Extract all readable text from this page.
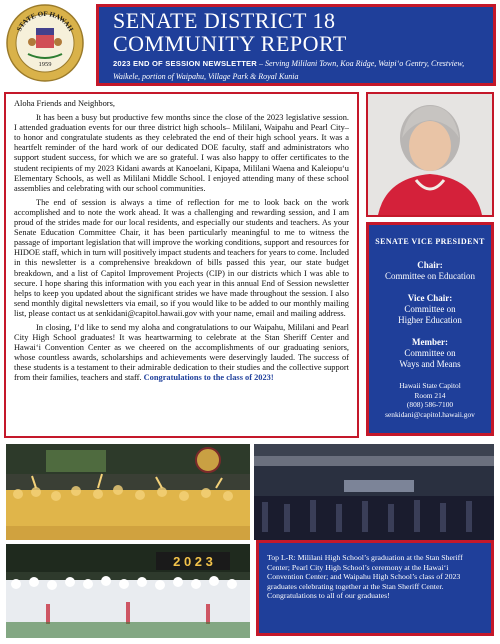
STATE OF HAWAII
1959
SENATE DISTRICT 18
COMMUNITY REPORT
2023 END OF SESSION NEWSLETTER – Serving Mililani Town, Koa Ridge, Waipi‘o Gentry, Crestview, Waikele, portion of Waipahu, Village Park & Royal Kunia

Aloha Friends and Neighbors,

It has been a busy but productive few months since the close of the 2023 legislative session. I attended graduation events for our three district high schools– Mililani, Waipahu and Pearl City–to honor and congratulate students as they celebrated the end of their high school years. It was a heartfelt reminder of the hard work of our dedicated DOE faculty, staff and administrators who support student success, for which we are so grateful. I was also happy to offer certificates to the student recipients of my 2023 Kidani awards at Kanoelani, Kipapa, Mililani Waena and Kaleiopu‘u Elementary Schools, as well as Mililani Middle School. I enjoyed attending many of these school assemblies and celebrating with our school communities.

The end of session is always a time of reflection for me to look back on the work accomplished and to note the work ahead. It was a challenging and rewarding session, and I am proud of the strides made for our local residents, and especially our students and teachers. As your Senate Education Committee Chair, it has been particularly meaningful to me to witness the passage of important legislation that will improve the working conditions, support and resources for HIDOE staff, which in turn will positively impact students and teachers for years to come. Included in this newsletter is a comprehensive breakdown of bills passed this year, our state budget breakdown, and a list of Capitol Improvement Projects (CIP) in our districts which I was able to secure. I hope sharing this information with you each year in this annual End of Session newsletter helps to keep you updated about the significant strides we have made throughout the session. I also send monthly digital newsletters via email, so if you would like to be added to our monthly mailing list, please contact us at senkidani@capitol.hawaii.gov with your name, email and mailing address.

In closing, I’d like to send my aloha and congratulations to our Waipahu, Mililani and Pearl City High School graduates! It was heartwarming to celebrate at the Stan Sheriff Center and Hawai‘i Convention Center as we cheered on the accomplishments of our graduating seniors, whose countless awards, scholarships and achievements were deservingly lauded. The success of these students is a testament to their admirable dedication to their studies and the collective support from their families, teachers and staff. Congratulations to the class of 2023!

SENATE VICE PRESIDENT
Chair:
Committee on Education
Vice Chair:
Committee on
Higher Education
Member:
Committee on
Ways and Means
Hawaii State Capitol
Room 214
(808) 586-7100
senkidani@capitol.hawaii.gov
2 0 2 3	Top L-R: Mililani High School’s graduation at the Stan Sheriff Center; Pearl City High School’s ceremony at the Hawai‘i Convention Center; and Waipahu High School’s class of 2023 graduates celebrating together at the Stan Sheriff Center. Congratulations to all of our graduates!
